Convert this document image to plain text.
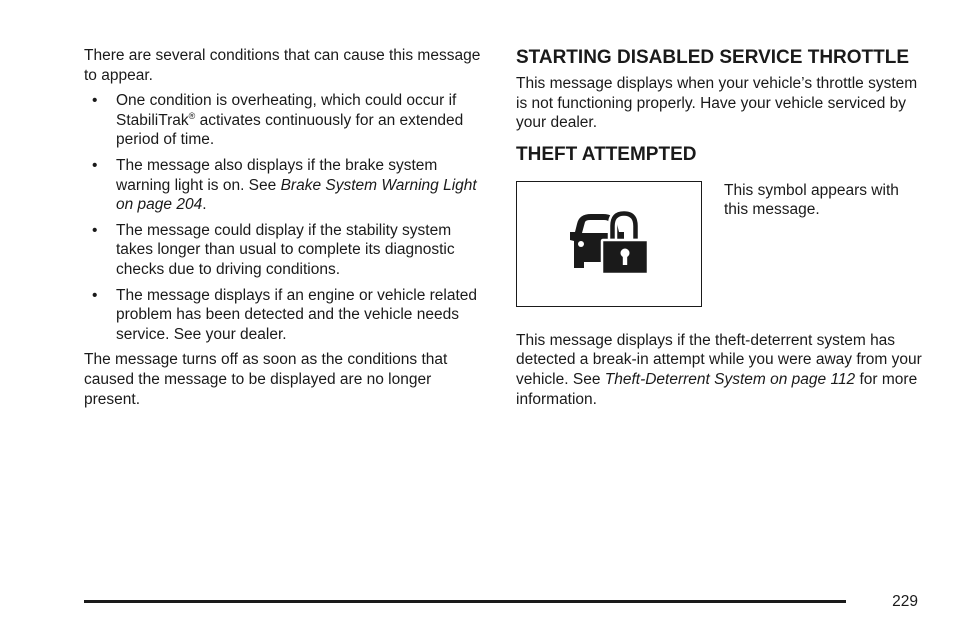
There are several conditions that can cause this message to appear.

• One condition is overheating, which could occur if StabiliTrak® activates continuously for an extended period of time.
• The message also displays if the brake system warning light is on. See Brake System Warning Light on page 204.
• The message could display if the stability system takes longer than usual to complete its diagnostic checks due to driving conditions.
• The message displays if an engine or vehicle related problem has been detected and the vehicle needs service. See your dealer.

The message turns off as soon as the conditions that caused the message to be displayed are no longer present.

STARTING DISABLED SERVICE THROTTLE

This message displays when your vehicle’s throttle system is not functioning properly. Have your vehicle serviced by your dealer.

THEFT ATTEMPTED

This symbol appears with this message.

This message displays if the theft-deterrent system has detected a break-in attempt while you were away from your vehicle. See Theft-Deterrent System on page 112 for more information.

229
